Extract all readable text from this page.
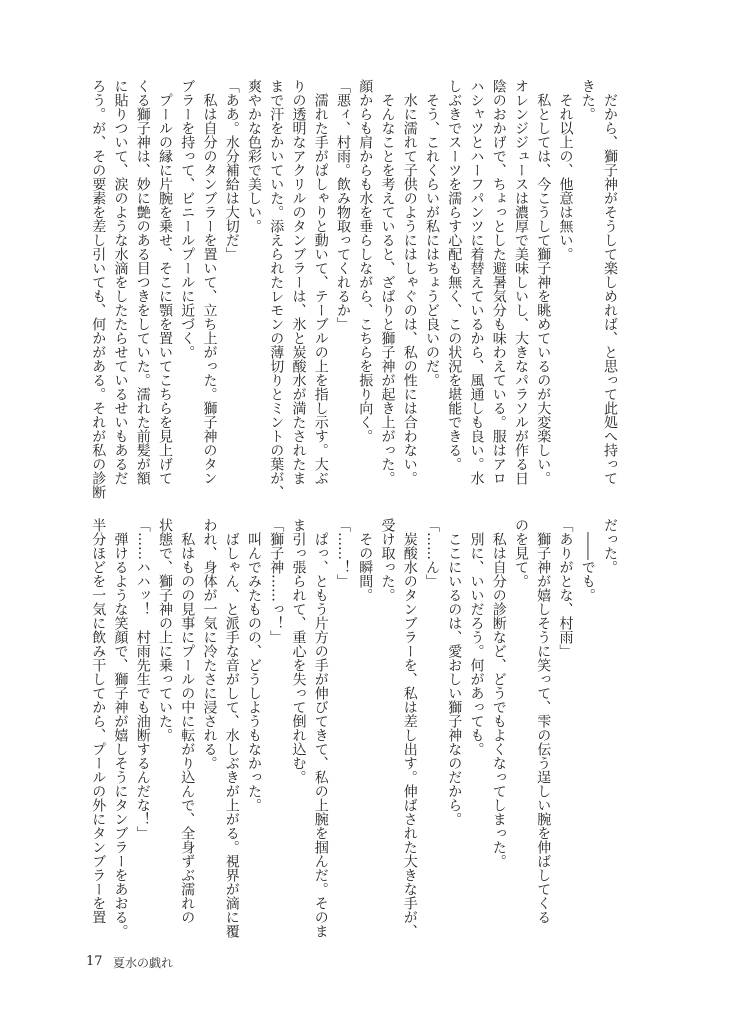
　だから、獅子神がそうして楽しめれば、と思って此処へ持って
きた。
　それ以上の、他意は無い。
　私としては、今こうして獅子神を眺めているのが大変楽しい。
オレンジジュースは濃厚で美味しいし、大きなパラソルが作る日
陰のおかげで、ちょっとした避暑気分も味わえている。服はアロ
ハシャツとハーフパンツに着替えているから、風通しも良い。水
しぶきでスーツを濡らす心配も無く、この状況を堪能できる。
　そう、これくらいが私にはちょうど良いのだ。
　水に濡れて子供のようにはしゃぐのは、私の性には合わない。
　そんなことを考えていると、ざばりと獅子神が起き上がった。
顔からも肩からも水を垂らしながら、こちらを振り向く。
「悪ィ、村雨。飲み物取ってくれるか」
　濡れた手がぱしゃりと動いて、テーブルの上を指し示す。大ぶ
りの透明なアクリルのタンブラーは、氷と炭酸水が満たされたま
まで汗をかいていた。添えられたレモンの薄切りとミントの葉が、
爽やかな色彩で美しい。
「ああ。水分補給は大切だ」
　私は自分のタンブラーを置いて、立ち上がった。獅子神のタン
ブラーを持って、ビニールプールに近づく。
　プールの縁に片腕を乗せ、そこに顎を置いてこちらを見上げて
くる獅子神は、妙に艶のある目つきをしていた。濡れた前髪が額
に貼りついて、涙のような水滴をしたたらせているせいもあるだ
ろう。が、その要素を差し引いても、何かがある。それが私の診断
だった。
　――でも。
「ありがとな、村雨」
　獅子神が嬉しそうに笑って、雫の伝う逞しい腕を伸ばしてくる
のを見て。
　私は自分の診断など、どうでもよくなってしまった。
　別に、いいだろう。何があっても。
　ここにいるのは、愛おしい獅子神なのだから。
「……ん」
　炭酸水のタンブラーを、私は差し出す。伸ばされた大きな手が、
受け取った。
　その瞬間。
「……！」
　ぱっ、ともう片方の手が伸びてきて、私の上腕を掴んだ。そのま
ま引っ張られて、重心を失って倒れ込む。
「獅子神……っ！」
　叫んでみたものの、どうしようもなかった。
　ばしゃん、と派手な音がして、水しぶきが上がる。視界が滴に覆
われ、身体が一気に冷たさに浸される。
　私はものの見事にプールの中に転がり込んで、全身ずぶ濡れの
状態で、獅子神の上に乗っていた。
「……ハハッ！　村雨先生でも油断するんだな！」
　弾けるような笑顔で、獅子神が嬉しそうにタンブラーをあおる。
半分ほどを一気に飲み干してから、プールの外にタンブラーを置
17 夏水の戯れ
